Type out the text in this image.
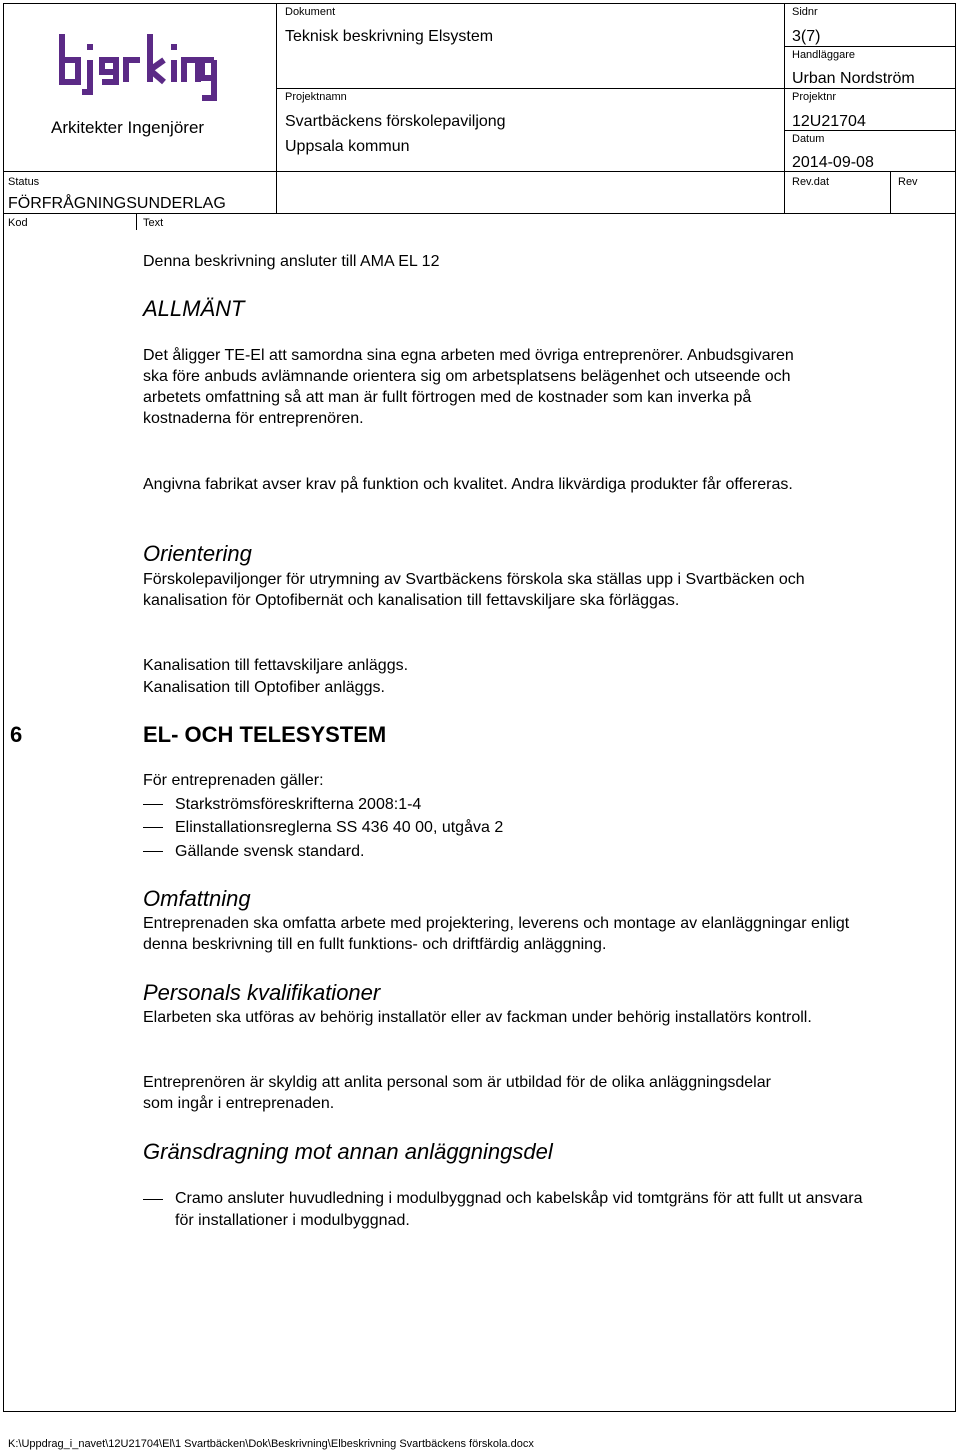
Arkitekter Ingenjörer
Dokument
Teknisk beskrivning Elsystem
Sidnr
3(7)
Handläggare
Urban Nordström
Projektnamn
Svartbäckens förskolepaviljong
Uppsala kommun
Projektnr
12U21704
Datum
2014-09-08
Status
FÖRFRÅGNINGSUNDERLAG
Rev.dat	Rev
Kod	Text
Denna beskrivning ansluter till AMA EL 12
ALLMÄNT
Det åligger TE-El att samordna sina egna arbeten med övriga entreprenörer. Anbudsgivaren ska före anbuds avlämnande orientera sig om arbetsplatsens belägenhet och utseende och arbetets omfattning så att man är fullt förtrogen med de kostnader som kan inverka på kostnaderna för entreprenören.
Angivna fabrikat avser krav på funktion och kvalitet. Andra likvärdiga produkter får offereras.
Orientering
Förskolepaviljonger för utrymning av Svartbäckens förskola ska ställas upp i Svartbäcken och kanalisation för Optofibernät och kanalisation till fettavskiljare ska förläggas.
Kanalisation till fettavskiljare anläggs.
Kanalisation till Optofiber anläggs.
6	EL- OCH TELESYSTEM
För entreprenaden gäller:
Starkströmsföreskrifterna 2008:1-4
Elinstallationsreglerna SS 436 40 00, utgåva 2
Gällande svensk standard.
Omfattning
Entreprenaden ska omfatta arbete med projektering, leverens och montage av elanläggningar enligt denna beskrivning till en fullt funktions- och driftfärdig anläggning.
Personals kvalifikationer
Elarbeten ska utföras av behörig installatör eller av fackman under behörig installatörs kontroll.
Entreprenören är skyldig att anlita personal som är utbildad för de olika anläggningsdelar som ingår i entreprenaden.
Gränsdragning mot annan anläggningsdel
Cramo ansluter huvudledning i modulbyggnad och kabelskåp vid tomtgräns för att fullt ut ansvara för installationer i modulbyggnad.
K:\Uppdrag_i_navet\12U21704\El\1 Svartbäcken\Dok\Beskrivning\Elbeskrivning Svartbäckens förskola.docx
